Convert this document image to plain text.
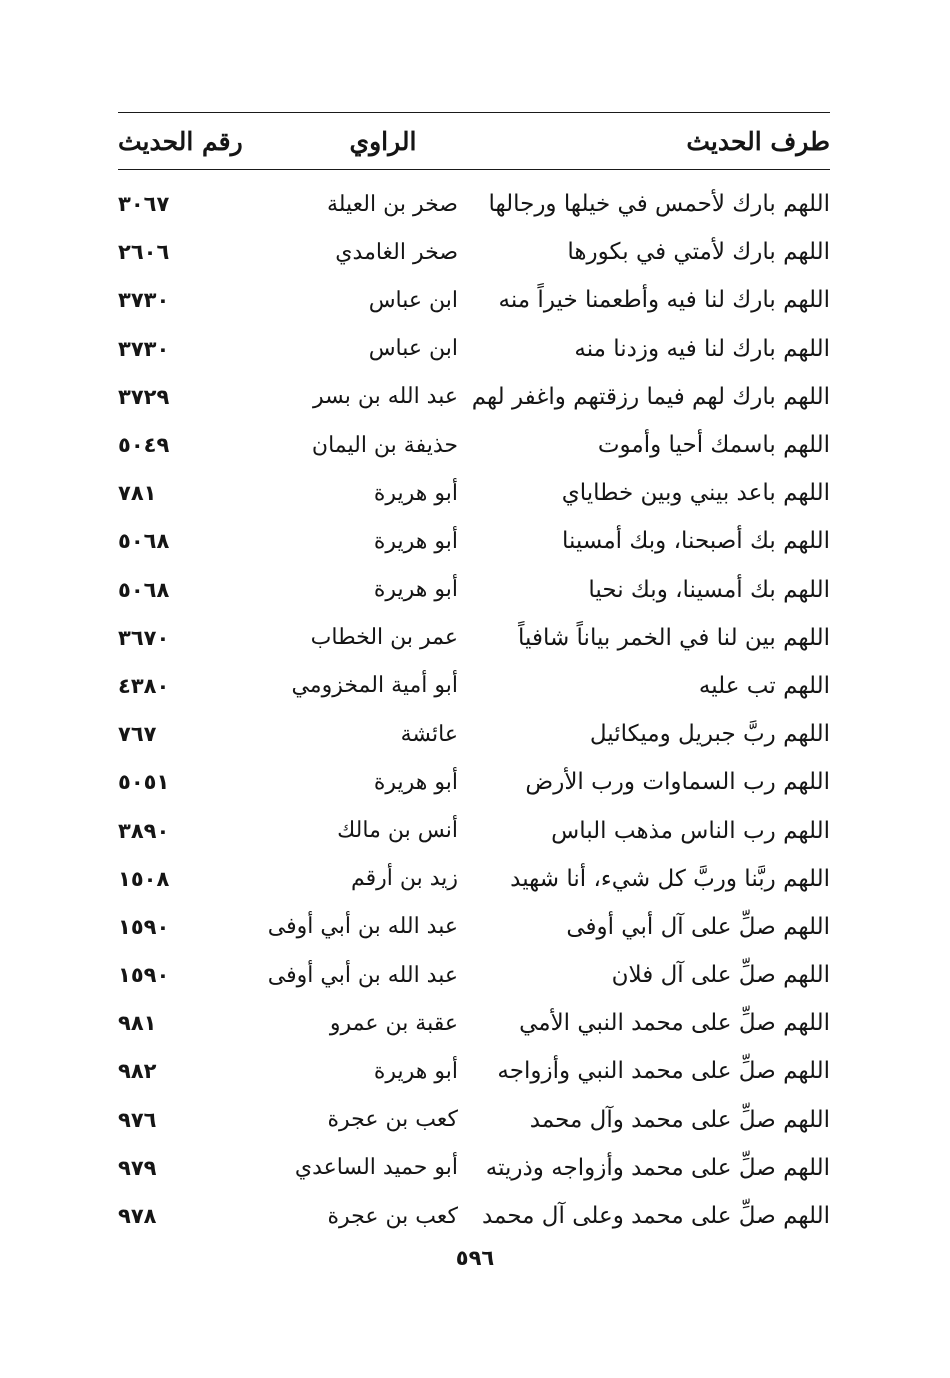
طرف الحديث
الراوي
رقم الحديث
اللهم بارك لأحمس في خيلها ورجالها
صخر بن العيلة
٣٠٦٧
اللهم بارك لأمتي في بكورها
صخر الغامدي
٢٦٠٦
اللهم بارك لنا فيه وأطعمنا خيراً منه
ابن عباس
٣٧٣٠
اللهم بارك لنا فيه وزدنا منه
ابن عباس
٣٧٣٠
اللهم بارك لهم فيما رزقتهم واغفر لهم
عبد الله بن بسر
٣٧٢٩
اللهم باسمك أحيا وأموت
حذيفة بن اليمان
٥٠٤٩
اللهم باعد بيني وبين خطاياي
أبو هريرة
٧٨١
اللهم بك أصبحنا، وبك أمسينا
أبو هريرة
٥٠٦٨
اللهم بك أمسينا، وبك نحيا
أبو هريرة
٥٠٦٨
اللهم بين لنا في الخمر بياناً شافياً
عمر بن الخطاب
٣٦٧٠
اللهم تب عليه
أبو أمية المخزومي
٤٣٨٠
اللهم ربَّ جبريل وميكائيل
عائشة
٧٦٧
اللهم رب السماوات ورب الأرض
أبو هريرة
٥٠٥١
اللهم رب الناس مذهب الباس
أنس بن مالك
٣٨٩٠
اللهم ربَّنا وربَّ كل شيء، أنا شهيد
زيد بن أرقم
١٥٠٨
اللهم صلِّ على آل أبي أوفى
عبد الله بن أبي أوفى
١٥٩٠
اللهم صلِّ على آل فلان
عبد الله بن أبي أوفى
١٥٩٠
اللهم صلِّ على محمد النبي الأمي
عقبة بن عمرو
٩٨١
اللهم صلِّ على محمد النبي وأزواجه
أبو هريرة
٩٨٢
اللهم صلِّ على محمد وآل محمد
كعب بن عجرة
٩٧٦
اللهم صلِّ على محمد وأزواجه وذريته
أبو حميد الساعدي
٩٧٩
اللهم صلِّ على محمد وعلى آل محمد
كعب بن عجرة
٩٧٨
٥٩٦
